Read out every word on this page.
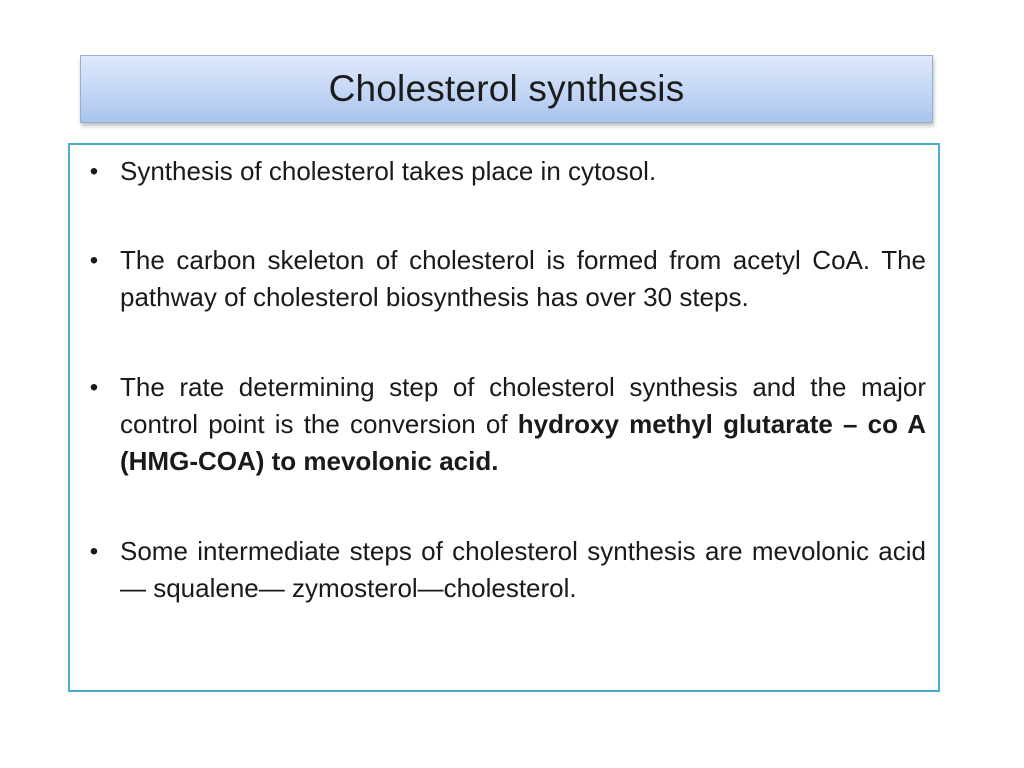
Cholesterol synthesis
• Synthesis of cholesterol takes place in cytosol.
• The carbon skeleton of cholesterol is formed from acetyl CoA. The pathway of cholesterol biosynthesis has over 30 steps.
• The rate determining step of cholesterol synthesis and the major control point is the conversion of hydroxy methyl glutarate – co A (HMG-COA) to mevolonic acid.
• Some intermediate steps of cholesterol synthesis are mevolonic acid— squalene— zymosterol—cholesterol.
